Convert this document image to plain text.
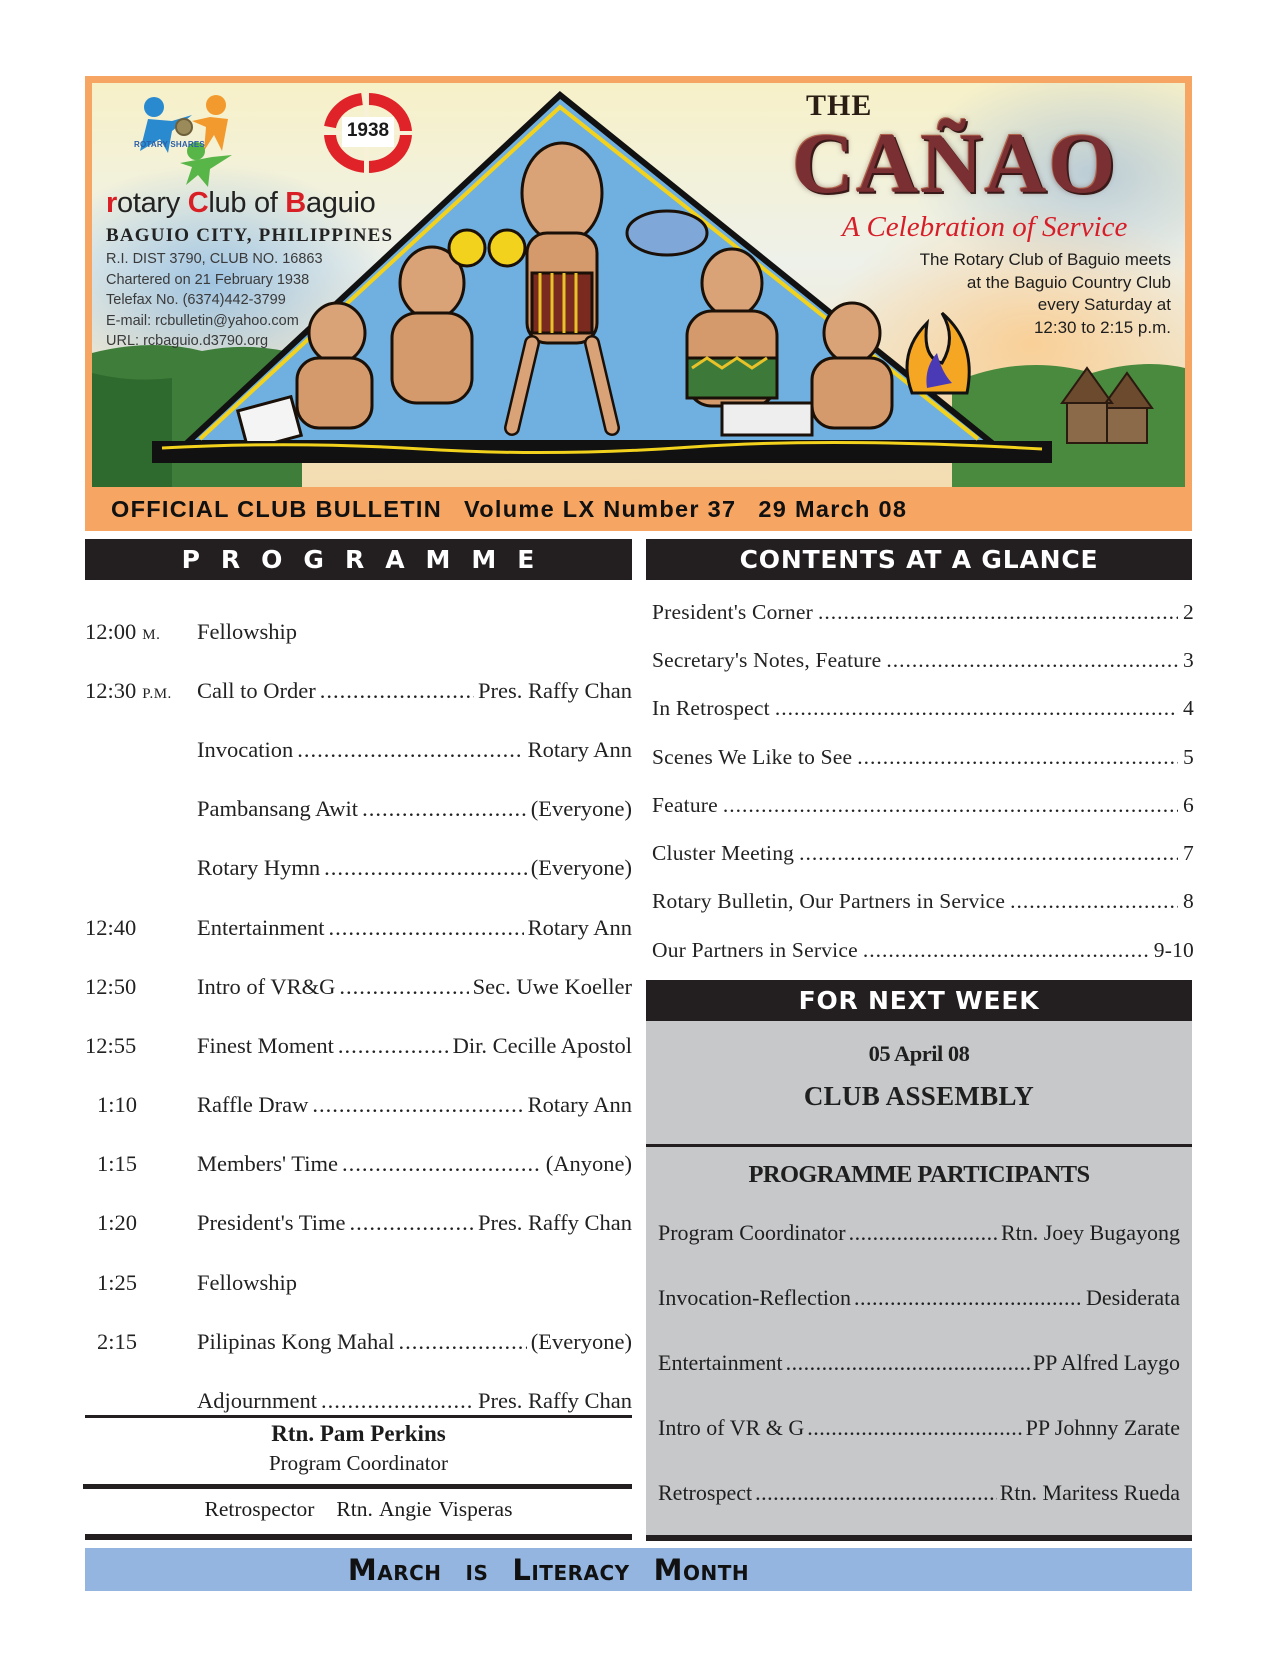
ROTARY SHARES
1938
rotary Club of Baguio
BAGUIO CITY, PHILIPPINES
R.I. DIST 3790, CLUB NO. 16863
Chartered on 21 February 1938
Telefax No. (6374)442-3799
E-mail: rcbulletin@yahoo.com
URL: rcbaguio.d3790.org
THE
CAÑAO
A Celebration of Service
The Rotary Club of Baguio meets
at the Baguio Country Club
every Saturday at
12:30 to 2:15 p.m.
OFFICIAL CLUB BULLETIN Volume LX Number 37 29 March 08
PROGRAMME
12:00 M.	Fellowship
12:30 P.M.	Call to Order .....	Pres. Raffy Chan
Invocation .....	Rotary Ann
Pambansang Awit .....	(Everyone)
Rotary Hymn .....	(Everyone)
12:40	Entertainment .....	Rotary Ann
12:50	Intro of VR&G .....	Sec. Uwe Koeller
12:55	Finest Moment .....	Dir. Cecille Apostol
1:10	Raffle Draw .....	Rotary Ann
1:15	Members' Time .....	(Anyone)
1:20	President's Time .....	Pres. Raffy Chan
1:25	Fellowship
2:15	Pilipinas Kong Mahal .....	(Everyone)
Adjournment .....	Pres. Raffy Chan
Rtn. Pam Perkins
Program Coordinator
Retrospector Rtn. Angie Visperas
CONTENTS AT A GLANCE
President's Corner .....	2
Secretary's Notes, Feature .....	3
In Retrospect .....	4
Scenes We Like to See .....	5
Feature .....	6
Cluster Meeting .....	7
Rotary Bulletin, Our Partners in Service .....	8
Our Partners in Service .....	9-10
FOR NEXT WEEK
05 April 08
CLUB ASSEMBLY
PROGRAMME PARTICIPANTS
Program Coordinator .....	Rtn. Joey Bugayong
Invocation-Reflection .....	Desiderata
Entertainment .....	PP Alfred Laygo
Intro of VR & G .....	PP Johnny Zarate
Retrospect .....	Rtn. Maritess Rueda
March is Literacy Month
